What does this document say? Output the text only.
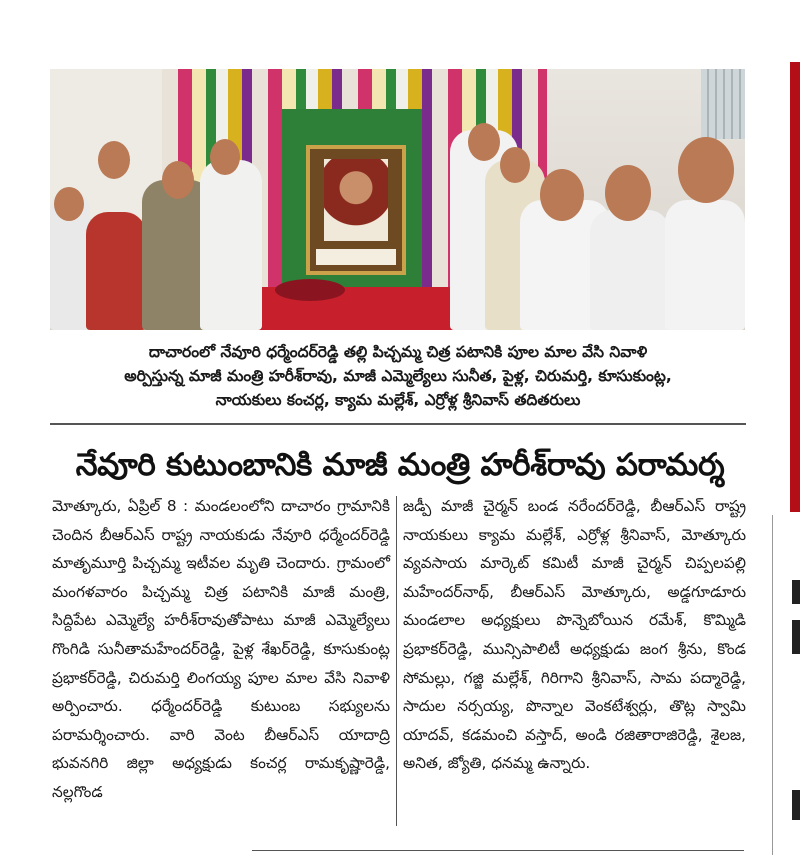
దాచారంలో నేవూరి ధర్మేందర్‌రెడ్డి తల్లి పిచ్చమ్మ చిత్ర పటానికి పూల మాల వేసి నివాళి
అర్పిస్తున్న మాజీ మంత్రి హరీశ్‌రావు, మాజీ ఎమ్మెల్యేలు సునీత, పైళ్ల, చిరుమర్తి, కూసుకుంట్ల,
నాయకులు కంచర్ల, క్యామ మల్లేశ్‌, ఎర్రోళ్ల శ్రీనివాస్‌ తదితరులు
నేవూరి కుటుంబానికి మాజీ మంత్రి హరీశ్‌రావు పరామర్శ

మోత్కూరు, ఏప్రిల్‌ 8 : మండలంలోని దాచారం గ్రామానికి చెందిన బీఆర్‌ఎస్‌ రాష్ట్ర నాయకుడు నేవూరి ధర్మేందర్‌రెడ్డి మాతృమూర్తి పిచ్చమ్మ ఇటీవల మృతి చెందారు. గ్రామంలో మంగళవారం పిచ్చమ్మ చిత్ర పటానికి మాజీ మంత్రి, సిద్దిపేట ఎమ్మెల్యే హరీశ్‌రావుతోపాటు మాజీ ఎమ్మెల్యేలు గొంగిడి సునీతామహేందర్‌రెడ్డి, పైళ్ల శేఖర్‌రెడ్డి, కూసుకుంట్ల ప్రభాకర్‌రెడ్డి, చిరుమర్తి లింగయ్య పూల మాల వేసి నివాళి అర్పించారు. ధర్మేందర్‌రెడ్డి కుటుంబ సభ్యులను పరామర్శించారు. వారి వెంట బీఆర్‌ఎస్‌ యాదాద్రి భువనగిరి జిల్లా అధ్యక్షుడు కంచర్ల రామకృష్ణారెడ్డి, నల్లగొండ

జడ్పీ మాజీ చైర్మన్‌ బండ నరేందర్‌రెడ్డి, బీఆర్‌ఎస్‌ రాష్ట్ర నాయకులు క్యామ మల్లేశ్‌, ఎర్రోళ్ల శ్రీనివాస్‌, మోత్కూరు వ్యవసాయ మార్కెట్‌ కమిటీ మాజీ చైర్మన్‌ చిప్పలపల్లి మహేందర్‌నాథ్‌, బీఆర్‌ఎస్‌ మోత్కూరు, అడ్డగూడూరు మండలాల అధ్యక్షులు పొన్నెబోయిన రమేశ్‌, కొమ్మిడి ప్రభాకర్‌రెడ్డి, మున్సిపాలిటీ అధ్యక్షుడు జంగ శ్రీను, కొండ సోమల్లు, గజ్జి మల్లేశ్‌, గిరిగాని శ్రీనివాస్‌, సామ పద్మారెడ్డి, సాదుల నర్సయ్య, పొన్నాల వెంకటేశ్వర్లు, తొట్ల స్వామి యాదవ్‌, కడమంచి వస్తాద్‌, అండి రజితారాజిరెడ్డి, శైలజ, అనిత, జ్యోతి, ధనమ్మ ఉన్నారు.
